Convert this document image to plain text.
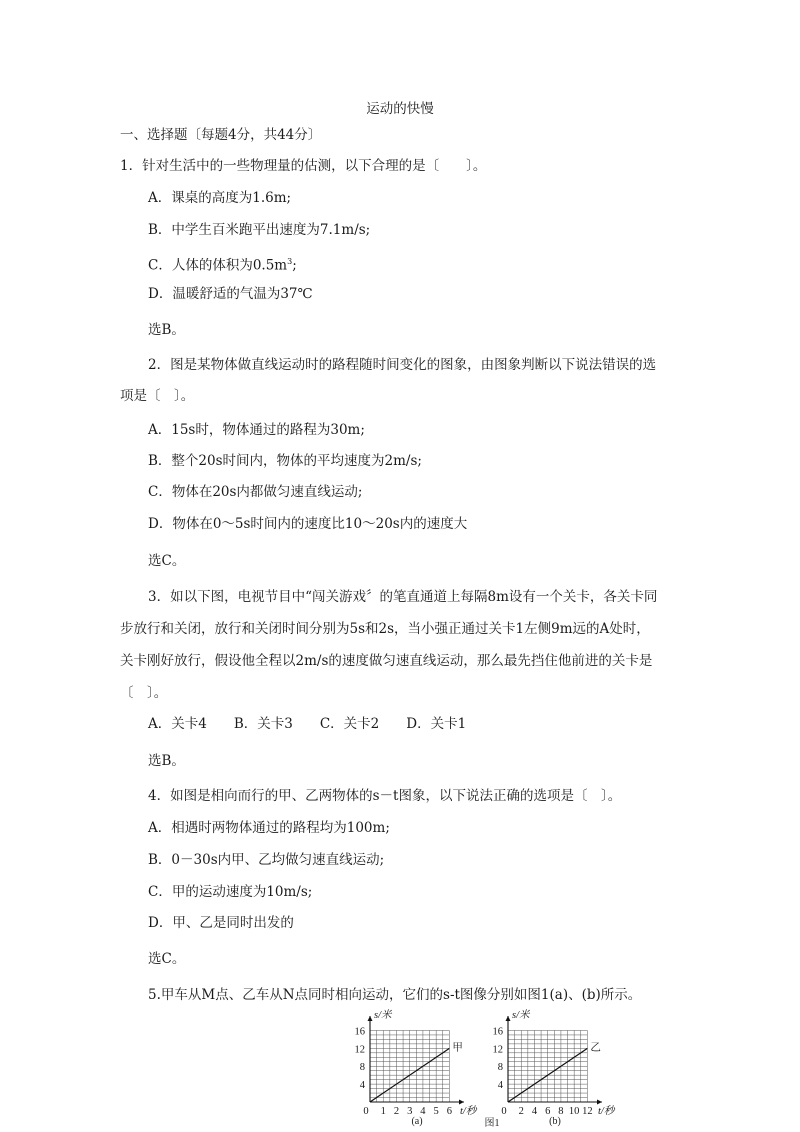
运动的快慢
一、选择题〔每题4分，共44分〕
1．针对生活中的一些物理量的估测，以下合理的是〔　　〕。
A．课桌的高度为1.6m;
B．中学生百米跑平出速度为7.1m/s;
C．人体的体积为$0.5m^3$;
D．温暖舒适的气温为37℃
选B。
2．图是某物体做直线运动时的路程随时间变化的图象，由图象判断以下说法错误的选
项是〔　〕。
A．15s时，物体通过的路程为30m;
B．整个20s时间内，物体的平均速度为2m/s;
C．物体在20s内都做匀速直线运动;
D．物体在0～5s时间内的速度比10～20s内的速度大
选C。
3．如以下图，电视节目中“闯关游戏〞的笔直通道上每隔8m设有一个关卡，各关卡同
步放行和关闭，放行和关闭时间分别为5s和2s，当小强正通过关卡1左侧9m远的A处时，
关卡刚好放行，假设他全程以2m/s的速度做匀速直线运动，那么最先挡住他前进的关卡是
〔　〕。
A．关卡4　　B．关卡3　　C．关卡2　　D．关卡1
选B。
4．如图是相向而行的甲、乙两物体的s－t图象，以下说法正确的选项是〔　〕。
A．相遇时两物体通过的路程均为100m;
B．0－30s内甲、乙均做匀速直线运动;
C．甲的运动速度为10m/s;
D．甲、乙是同时出发的
选C。
5.甲车从M点、乙车从N点同时相向运动，它们的s-t图像分别如图1(a)、(b)所示。
s/米
t/秒
4
8
12
16
0 1 2 3 4 5 6
甲
(a)
s/米
t/秒
4
8
12
16
0 2 4 6 8 10 12
乙
(b)
图1
